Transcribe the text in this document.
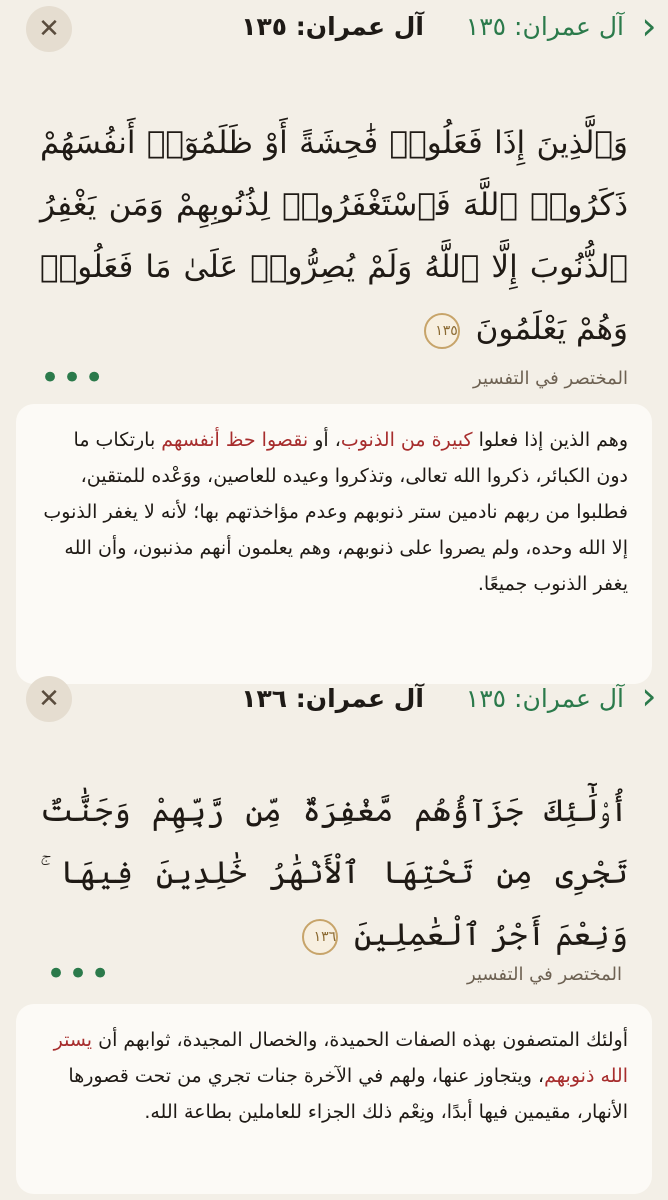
‹
آل عمران: ١٣٥
آل عمران: ١٣٥
✕
وَٱلَّذِينَ إِذَا فَعَلُوا۟ فَٰحِشَةً أَوْ ظَلَمُوٓا۟ أَنفُسَهُمْ ذَكَرُوا۟ ٱللَّهَ فَٱسْتَغْفَرُوا۟ لِذُنُوبِهِمْ وَمَن يَغْفِرُ ٱلذُّنُوبَ إِلَّا ٱللَّهُ وَلَمْ يُصِرُّوا۟ عَلَىٰ مَا فَعَلُوا۟ وَهُمْ يَعْلَمُونَ ١٣٥
المختصر في التفسير
•••
وهم الذين إذا فعلوا كبيرة من الذنوب، أو نقصوا حظ أنفسهم بارتكاب ما دون الكبائر، ذكروا الله تعالى، وتذكروا وعيده للعاصين، ووَعْده للمتقين، فطلبوا من ربهم نادمين ستر ذنوبهم وعدم مؤاخذتهم بها؛ لأنه لا يغفر الذنوب إلا الله وحده، ولم يصروا على ذنوبهم، وهم يعلمون أنهم مذنبون، وأن الله يغفر الذنوب جميعًا.
‹
آل عمران: ١٣٥
آل عمران: ١٣٦
✕
أُو۟لَٰٓئِكَ جَزَآؤُهُم مَّغْفِرَةٌ مِّن رَّبِّهِمْ وَجَنَّٰتٌ تَجْرِى مِن تَحْتِهَا ٱلْأَنْهَٰرُ خَٰلِدِينَ فِيهَا ۚ وَنِعْمَ أَجْرُ ٱلْعَٰمِلِينَ ١٣٦
المختصر في التفسير
•••
أولئك المتصفون بهذه الصفات الحميدة، والخصال المجيدة، ثوابهم أن يستر الله ذنوبهم، ويتجاوز عنها، ولهم في الآخرة جنات تجري من تحت قصورها الأنهار، مقيمين فيها أبدًا، ونِعْم ذلك الجزاء للعاملين بطاعة الله.
